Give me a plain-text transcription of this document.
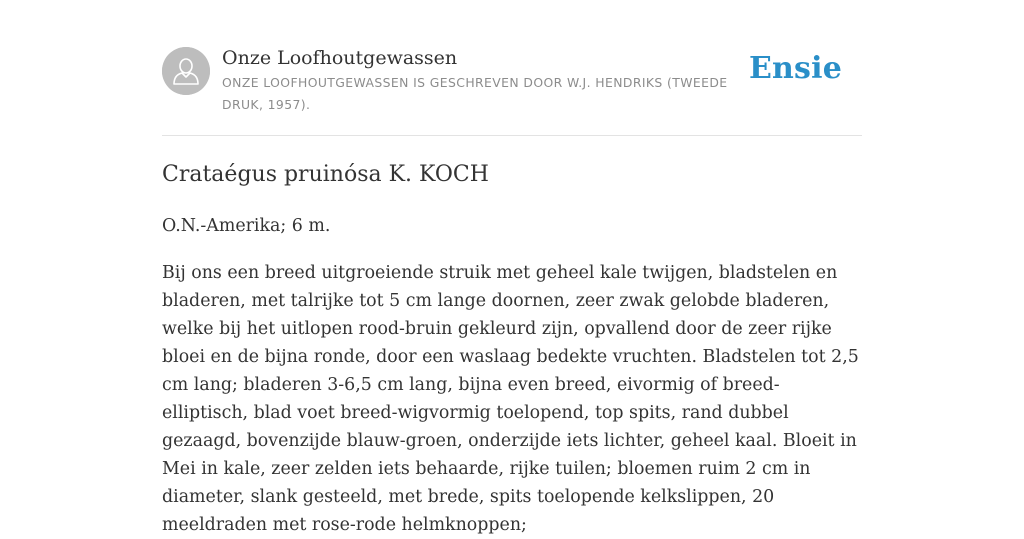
Onze Loofhoutgewassen
ONZE LOOFHOUTGEWASSEN IS GESCHREVEN DOOR W.J. HENDRIKS (TWEEDE DRUK, 1957).
Ensie
Crataégus pruinósa K. KOCH

O.N.-Amerika; 6 m.

Bij ons een breed uitgroeiende struik met geheel kale twijgen, bladstelen en bladeren, met talrijke tot 5 cm lange doornen, zeer zwak gelobde bladeren, welke bij het uitlopen rood-bruin gekleurd zijn, opvallend door de zeer rijke bloei en de bijna ronde, door een waslaag bedekte vruchten. Bladstelen tot 2,5 cm lang; bladeren 3-6,5 cm lang, bijna even breed, eivormig of breed-elliptisch, blad voet breed-wigvormig toelopend, top spits, rand dubbel gezaagd, bovenzijde blauw-groen, onderzijde iets lichter, geheel kaal. Bloeit in Mei in kale, zeer zelden iets behaarde, rijke tuilen; bloemen ruim 2 cm in diameter, slank gesteeld, met brede, spits toelopende kelkslippen, 20 meeldraden met rose-rode helmknoppen;
